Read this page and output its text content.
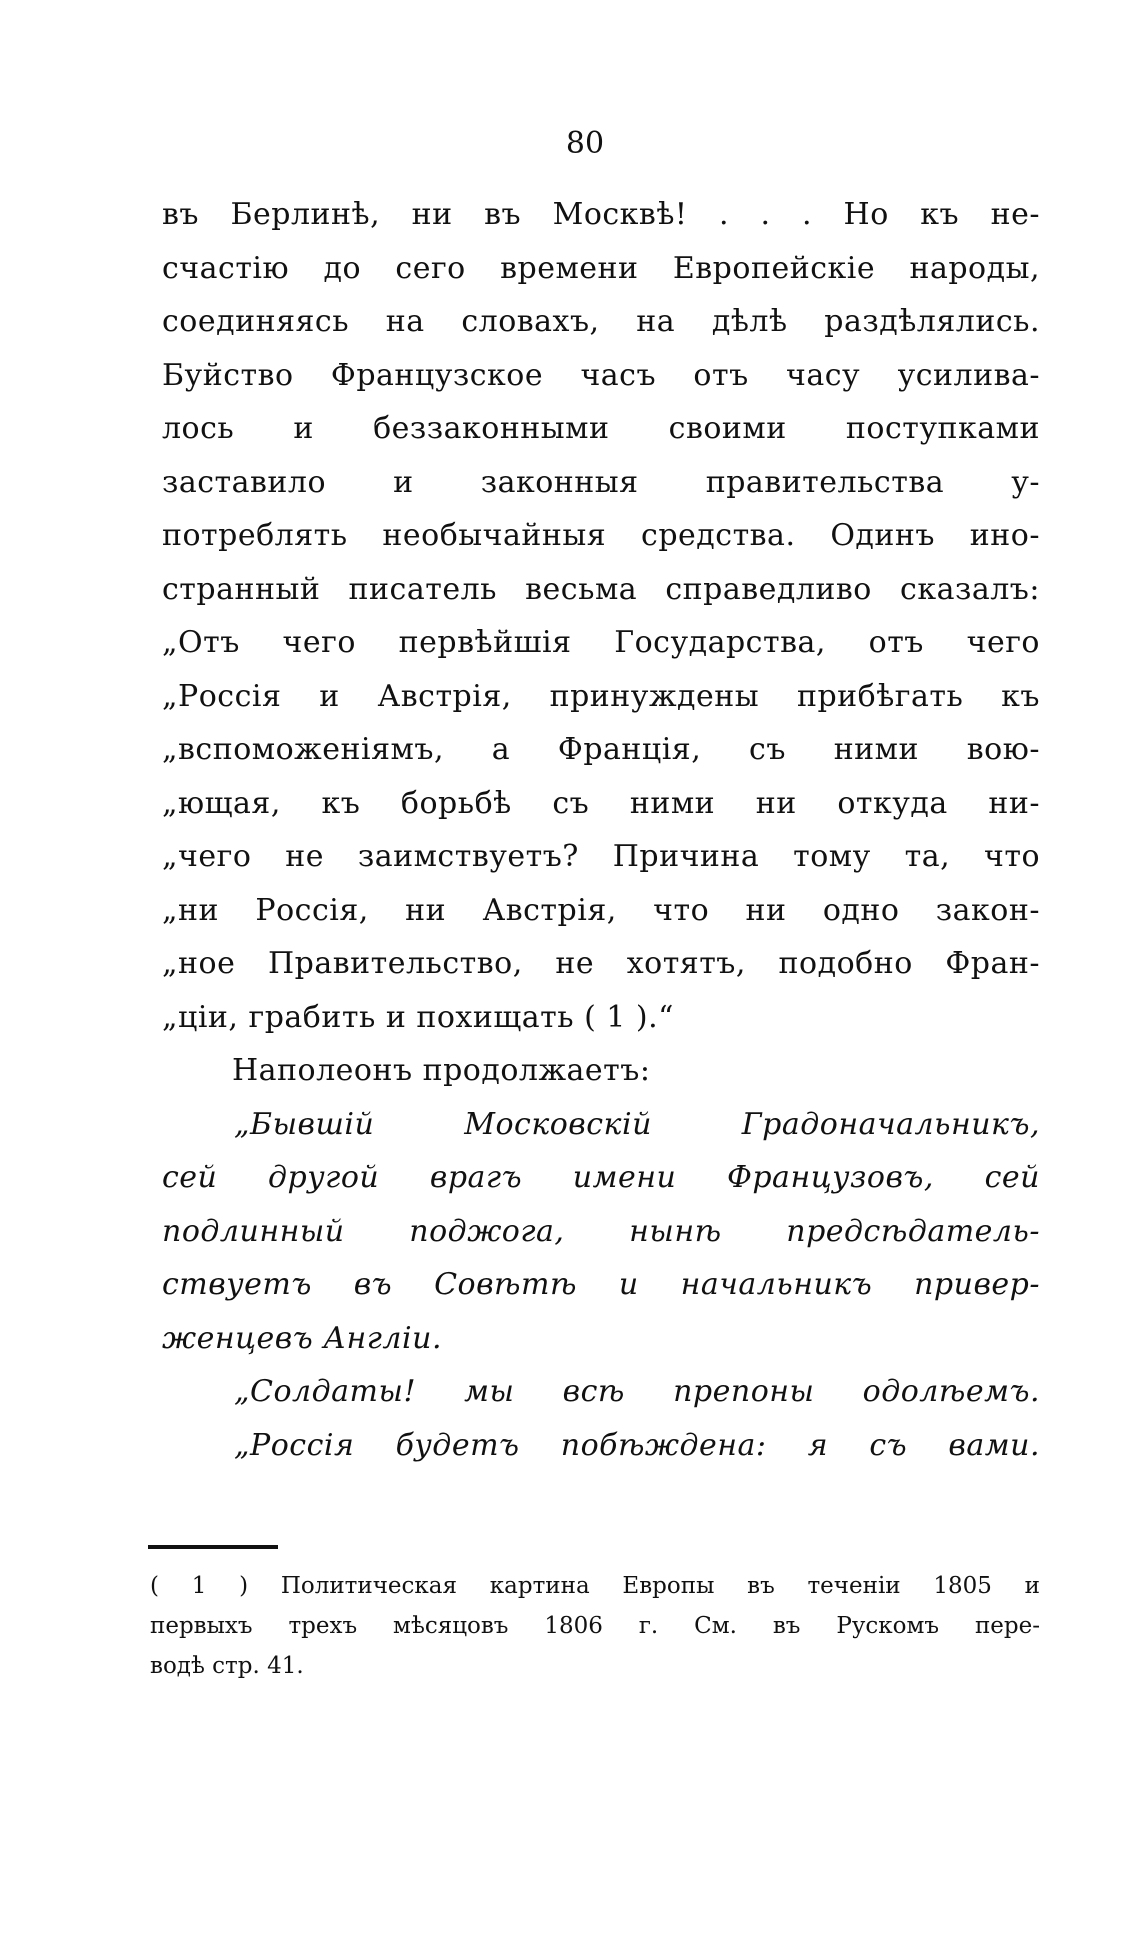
80
въ Берлинѣ, ни въ Москвѣ! . . . Но къ не-
счастію до сего времени Европейскіе народы,
соединяясь на словахъ, на дѣлѣ раздѣлялись.
Буйство Французское часъ отъ часу усилива-
лось и беззаконными своими поступками
заставило и законныя правительства у-
потреблять необычайныя средства. Одинъ ино-
странный писатель весьма справедливо сказалъ:
„Отъ чего первѣйшія Государства, отъ чего
„Россія и Австрія, принуждены прибѣгать къ
„вспоможеніямъ, а Франція, съ ними вою-
„ющая, къ борьбѣ съ ними ни откуда ни-
„чего не заимствуетъ? Причина тому та, что
„ни Россія, ни Австрія, что ни одно закон-
„ное Правительство, не хотятъ, подобно Фран-
„ціи, грабить и похищать ( 1 ).“
Наполеонъ продолжаетъ:
„Бывшій Московскій Градоначальникъ,
сей другой врагъ имени Французовъ, сей
подлинный поджога, нынѣ предсѣдатель-
ствуетъ въ Совѣтѣ и начальникъ привер-
женцевъ Англіи.
„Солдаты! мы всѣ препоны одолѣемъ.
„Россія будетъ побѣждена: я съ вами.
( 1 ) Политическая картина Европы въ теченіи 1805 и
первыхъ трехъ мѣсяцовъ 1806 г. См. въ Рускомъ пере-
водѣ стр. 41.
